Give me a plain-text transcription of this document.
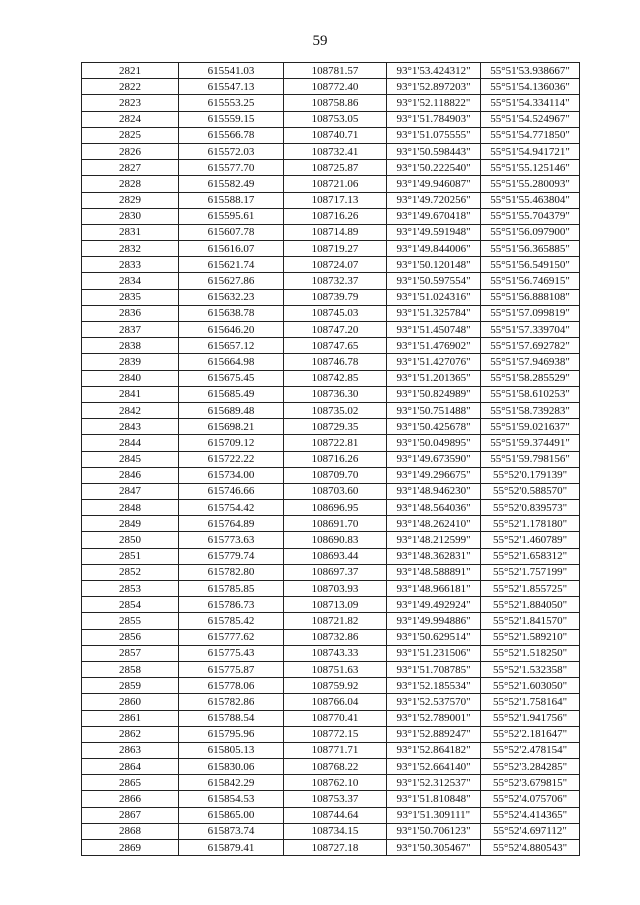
59
2821	615541.03	108781.57	93°1'53.424312"	55°51'53.938667"
2822	615547.13	108772.40	93°1'52.897203"	55°51'54.136036"
2823	615553.25	108758.86	93°1'52.118822"	55°51'54.334114"
2824	615559.15	108753.05	93°1'51.784903"	55°51'54.524967"
2825	615566.78	108740.71	93°1'51.075555"	55°51'54.771850"
2826	615572.03	108732.41	93°1'50.598443"	55°51'54.941721"
2827	615577.70	108725.87	93°1'50.222540"	55°51'55.125146"
2828	615582.49	108721.06	93°1'49.946087"	55°51'55.280093"
2829	615588.17	108717.13	93°1'49.720256"	55°51'55.463804"
2830	615595.61	108716.26	93°1'49.670418"	55°51'55.704379"
2831	615607.78	108714.89	93°1'49.591948"	55°51'56.097900"
2832	615616.07	108719.27	93°1'49.844006"	55°51'56.365885"
2833	615621.74	108724.07	93°1'50.120148"	55°51'56.549150"
2834	615627.86	108732.37	93°1'50.597554"	55°51'56.746915"
2835	615632.23	108739.79	93°1'51.024316"	55°51'56.888108"
2836	615638.78	108745.03	93°1'51.325784"	55°51'57.099819"
2837	615646.20	108747.20	93°1'51.450748"	55°51'57.339704"
2838	615657.12	108747.65	93°1'51.476902"	55°51'57.692782"
2839	615664.98	108746.78	93°1'51.427076"	55°51'57.946938"
2840	615675.45	108742.85	93°1'51.201365"	55°51'58.285529"
2841	615685.49	108736.30	93°1'50.824989"	55°51'58.610253"
2842	615689.48	108735.02	93°1'50.751488"	55°51'58.739283"
2843	615698.21	108729.35	93°1'50.425678"	55°51'59.021637"
2844	615709.12	108722.81	93°1'50.049895"	55°51'59.374491"
2845	615722.22	108716.26	93°1'49.673590"	55°51'59.798156"
2846	615734.00	108709.70	93°1'49.296675"	55°52'0.179139"
2847	615746.66	108703.60	93°1'48.946230"	55°52'0.588570"
2848	615754.42	108696.95	93°1'48.564036"	55°52'0.839573"
2849	615764.89	108691.70	93°1'48.262410"	55°52'1.178180"
2850	615773.63	108690.83	93°1'48.212599"	55°52'1.460789"
2851	615779.74	108693.44	93°1'48.362831"	55°52'1.658312"
2852	615782.80	108697.37	93°1'48.588891"	55°52'1.757199"
2853	615785.85	108703.93	93°1'48.966181"	55°52'1.855725"
2854	615786.73	108713.09	93°1'49.492924"	55°52'1.884050"
2855	615785.42	108721.82	93°1'49.994886"	55°52'1.841570"
2856	615777.62	108732.86	93°1'50.629514"	55°52'1.589210"
2857	615775.43	108743.33	93°1'51.231506"	55°52'1.518250"
2858	615775.87	108751.63	93°1'51.708785"	55°52'1.532358"
2859	615778.06	108759.92	93°1'52.185534"	55°52'1.603050"
2860	615782.86	108766.04	93°1'52.537570"	55°52'1.758164"
2861	615788.54	108770.41	93°1'52.789001"	55°52'1.941756"
2862	615795.96	108772.15	93°1'52.889247"	55°52'2.181647"
2863	615805.13	108771.71	93°1'52.864182"	55°52'2.478154"
2864	615830.06	108768.22	93°1'52.664140"	55°52'3.284285"
2865	615842.29	108762.10	93°1'52.312537"	55°52'3.679815"
2866	615854.53	108753.37	93°1'51.810848"	55°52'4.075706"
2867	615865.00	108744.64	93°1'51.309111"	55°52'4.414365"
2868	615873.74	108734.15	93°1'50.706123"	55°52'4.697112"
2869	615879.41	108727.18	93°1'50.305467"	55°52'4.880543"
